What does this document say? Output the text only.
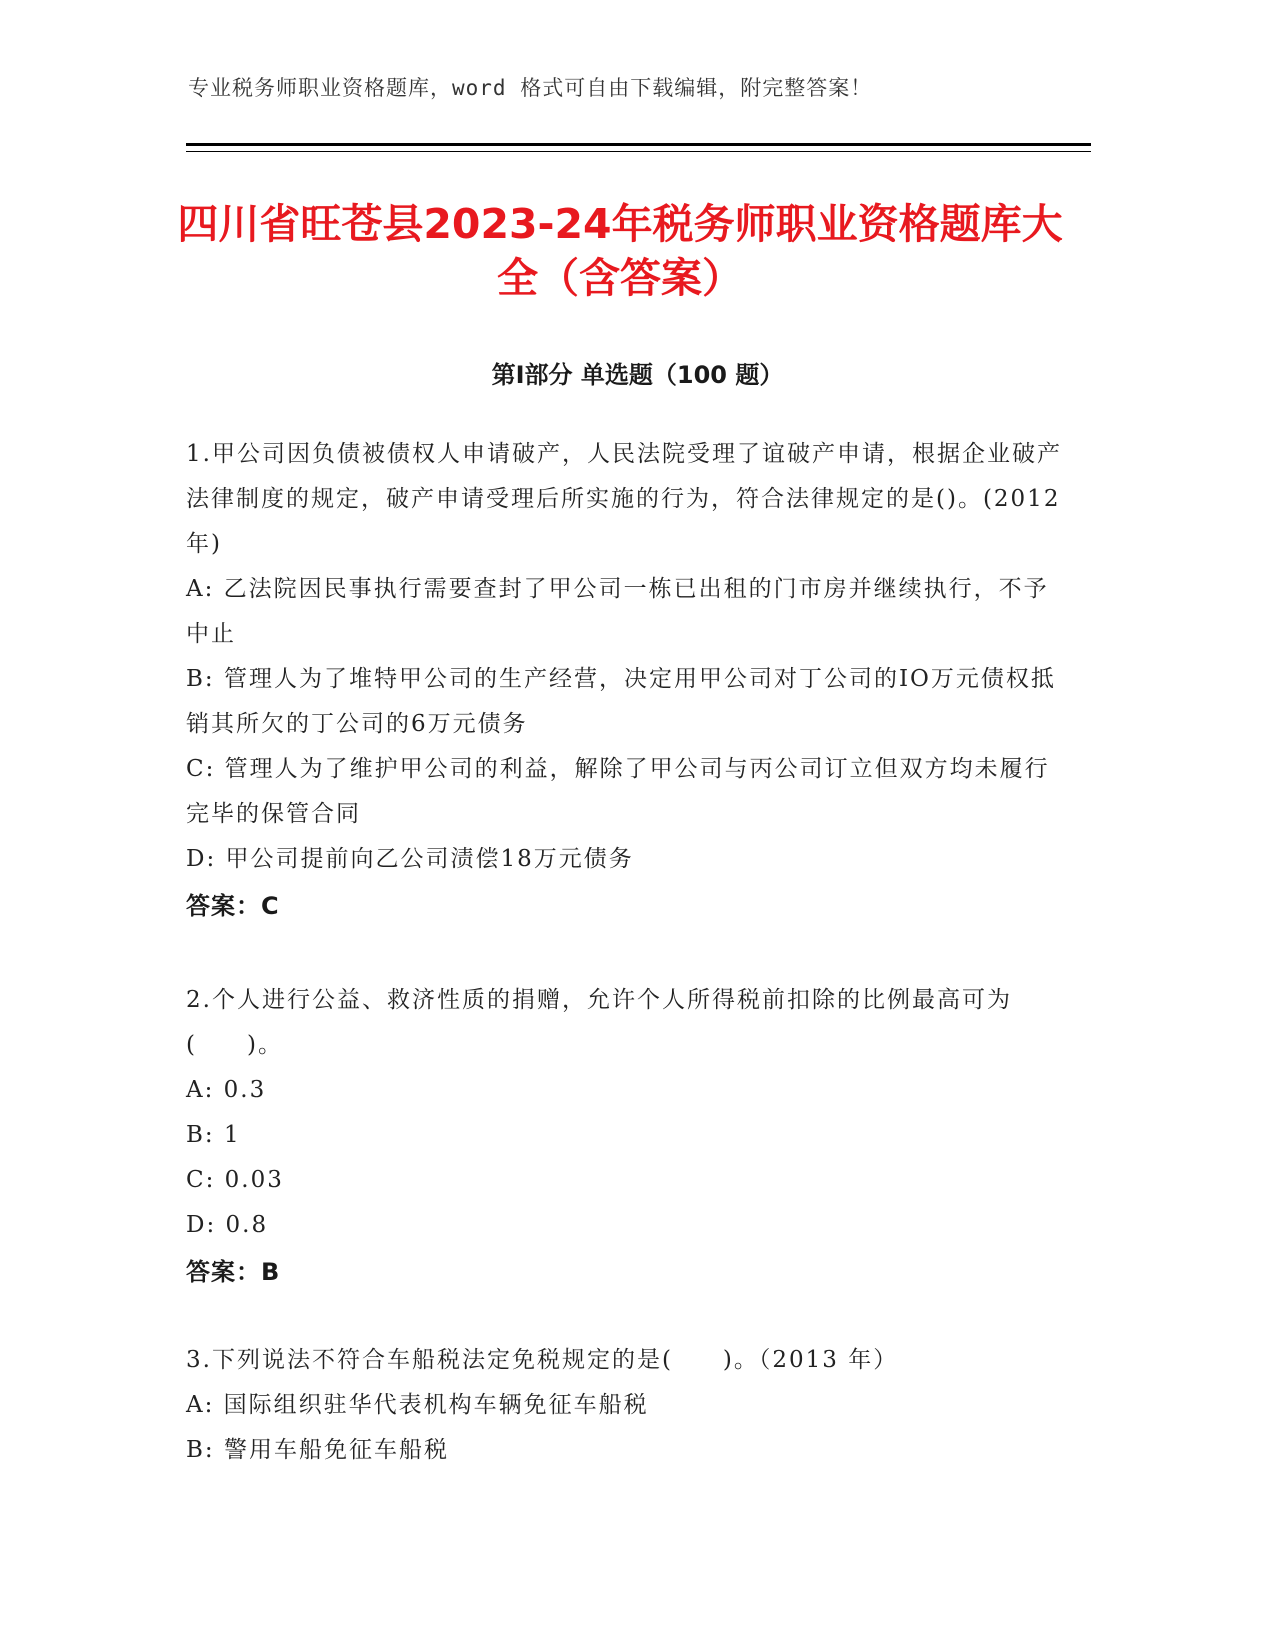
专业税务师职业资格题库，word 格式可自由下载编辑，附完整答案！
四川省旺苍县2023-24年税务师职业资格题库大全（含答案）
第Ⅰ部分 单选题（100 题）
1.甲公司因负债被债权人申请破产，人民法院受理了谊破产申请，根据企业破产法律制度的规定，破产申请受理后所实施的行为，符合法律规定的是()。(2012 年)
A: 乙法院因民事执行需要查封了甲公司一栋已出租的门市房并继续执行，不予中止
B: 管理人为了堆特甲公司的生产经营，决定用甲公司对丁公司的IO万元债权抵销其所欠的丁公司的6万元债务
C: 管理人为了维护甲公司的利益，解除了甲公司与丙公司订立但双方均未履行完毕的保管合同
D: 甲公司提前向乙公司渍偿18万元债务
答案：C
2.个人进行公益、救济性质的捐赠，允许个人所得税前扣除的比例最高可为(　　)。
A: 0.3
B: 1
C: 0.03
D: 0.8
答案：B
3.下列说法不符合车船税法定免税规定的是(　　)。（2013 年）
A: 国际组织驻华代表机构车辆免征车船税
B: 警用车船免征车船税
